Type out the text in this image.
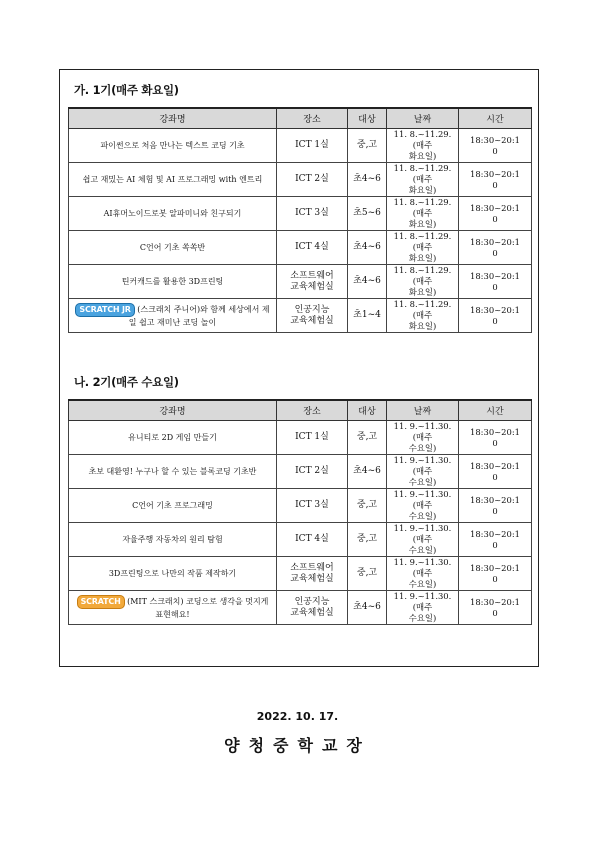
가. 1기(매주 화요일)
강좌명	장소	대상	날짜	시간
파이썬으로 처음 만나는 텍스트 코딩 기초	ICT 1실	중,고	11. 8.~11.29.
(매주
화요일)	18:30~20:1
0
쉽고 재밌는 AI 체험 및 AI 프로그래밍 with 엔트리	ICT 2실	초4~6	11. 8.~11.29.
(매주
화요일)	18:30~20:1
0
AI휴머노이드로봇 알파미니와 친구되기	ICT 3실	초5~6	11. 8.~11.29.
(매주
화요일)	18:30~20:1
0
C언어 기초 쏙쏙반	ICT 4실	초4~6	11. 8.~11.29.
(매주
화요일)	18:30~20:1
0
틴커캐드를 활용한 3D프린팅	소프트웨어
교육체험실	초4~6	11. 8.~11.29.
(매주
화요일)	18:30~20:1
0
SCRATCH JR (스크래치 주니어)와 함께 세상에서 제일 쉽고 재미난 코딩 놀이	인공지능
교육체험실	초1~4	11. 8.~11.29.
(매주
화요일)	18:30~20:1
0
나. 2기(매주 수요일)
강좌명	장소	대상	날짜	시간
유니티로 2D 게임 만들기	ICT 1실	중,고	11. 9.~11.30.
(매주
수요일)	18:30~20:1
0
초보 대환영! 누구나 할 수 있는 블록코딩 기초반	ICT 2실	초4~6	11. 9.~11.30.
(매주
수요일)	18:30~20:1
0
C언어 기초 프로그래밍	ICT 3실	중,고	11. 9.~11.30.
(매주
수요일)	18:30~20:1
0
자율주행 자동차의 원리 탐험	ICT 4실	중,고	11. 9.~11.30.
(매주
수요일)	18:30~20:1
0
3D프린팅으로 나만의 작품 제작하기	소프트웨어
교육체험실	중,고	11. 9.~11.30.
(매주
수요일)	18:30~20:1
0
SCRATCH (MIT 스크래치) 코딩으로 생각을 멋지게 표현해요!	인공지능
교육체험실	초4~6	11. 9.~11.30.
(매주
수요일)	18:30~20:1
0
2022. 10. 17.
양청중학교장
